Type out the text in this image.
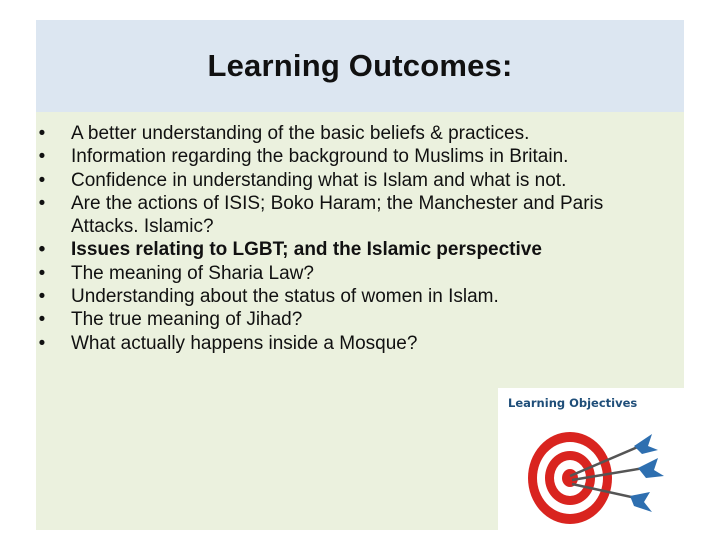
Learning Outcomes:
• A better understanding of the basic beliefs & practices.
• Information regarding the background to Muslims in Britain.
• Confidence in understanding what is Islam and what is not.
• Are the actions of ISIS; Boko Haram; the Manchester and Paris
Attacks. Islamic?
• Issues relating to LGBT; and the Islamic perspective
• The meaning of Sharia Law?
• Understanding about the status of women in Islam.
• The true meaning of Jihad?
• What actually happens inside a Mosque?
Learning Objectives
